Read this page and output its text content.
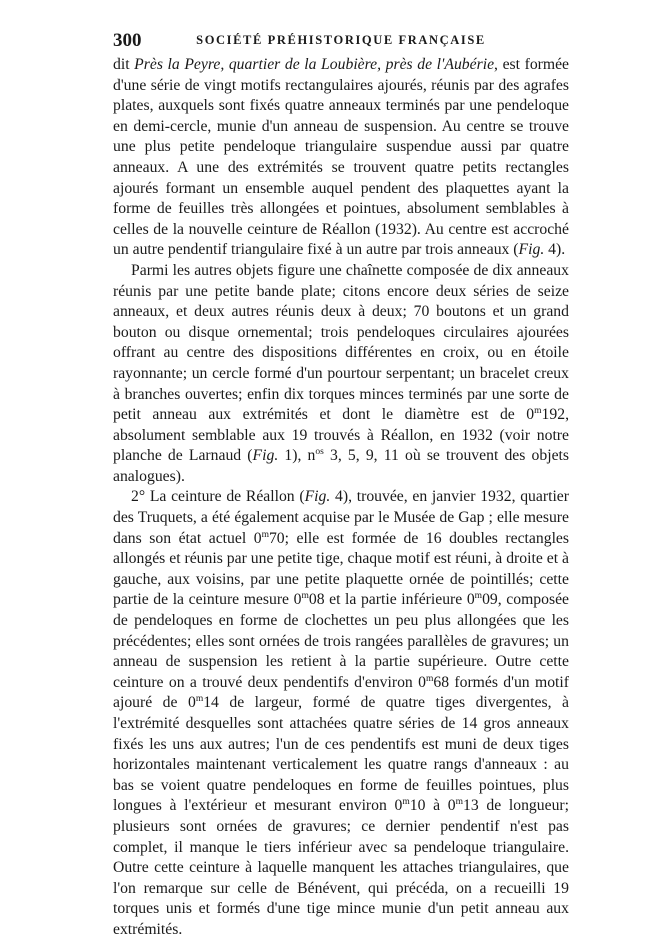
300	SOCIÉTÉ PRÉHISTORIQUE FRANÇAISE

dit Près la Peyre, quartier de la Loubière, près de l'Aubérie, est formée d'une série de vingt motifs rectangulaires ajourés, réunis par des agrafes plates, auxquels sont fixés quatre anneaux terminés par une pendeloque en demi-cercle, munie d'un anneau de suspension. Au centre se trouve une plus petite pendeloque triangulaire suspendue aussi par quatre anneaux. A une des extrémités se trouvent quatre petits rectangles ajourés formant un ensemble auquel pendent des plaquettes ayant la forme de feuilles très allongées et pointues, absolument semblables à celles de la nouvelle ceinture de Réallon (1932). Au centre est accroché un autre pendentif triangulaire fixé à un autre par trois anneaux (Fig. 4).

Parmi les autres objets figure une chaînette composée de dix anneaux réunis par une petite bande plate; citons encore deux séries de seize anneaux, et deux autres réunis deux à deux; 70 boutons et un grand bouton ou disque ornemental; trois pendeloques circulaires ajourées offrant au centre des dispositions différentes en croix, ou en étoile rayonnante; un cercle formé d'un pourtour serpentant; un bracelet creux à branches ouvertes; enfin dix torques minces terminés par une sorte de petit anneau aux extrémités et dont le diamètre est de 0$^m$192, absolument semblable aux 19 trouvés à Réallon, en 1932 (voir notre planche de Larnaud (Fig. 1), $n^{os}$ 3, 5, 9, 11 où se trouvent des objets analogues).

2° La ceinture de Réallon (Fig. 4), trouvée, en janvier 1932, quartier des Truquets, a été également acquise par le Musée de Gap ; elle mesure dans son état actuel 0$^m$70; elle est formée de 16 doubles rectangles allongés et réunis par une petite tige, chaque motif est réuni, à droite et à gauche, aux voisins, par une petite plaquette ornée de pointillés; cette partie de la ceinture mesure 0$^m$08 et la partie inférieure 0$^m$09, composée de pendeloques en forme de clochettes un peu plus allongées que les précédentes; elles sont ornées de trois rangées parallèles de gravures; un anneau de suspension les retient à la partie supérieure. Outre cette ceinture on a trouvé deux pendentifs d'environ 0$^m$68 formés d'un motif ajouré de 0$^m$14 de largeur, formé de quatre tiges divergentes, à l'extrémité desquelles sont attachées quatre séries de 14 gros anneaux fixés les uns aux autres; l'un de ces pendentifs est muni de deux tiges horizontales maintenant verticalement les quatre rangs d'anneaux : au bas se voient quatre pendeloques en forme de feuilles pointues, plus longues à l'extérieur et mesurant environ 0$^m$10 à 0$^m$13 de longueur; plusieurs sont ornées de gravures; ce dernier pendentif n'est pas complet, il manque le tiers inférieur avec sa pendeloque triangulaire. Outre cette ceinture à laquelle manquent les attaches triangulaires, que l'on remarque sur celle de Bénévent, qui précéda, on a recueilli 19 torques unis et formés d'une tige mince munie d'un petit anneau aux extrémités.
